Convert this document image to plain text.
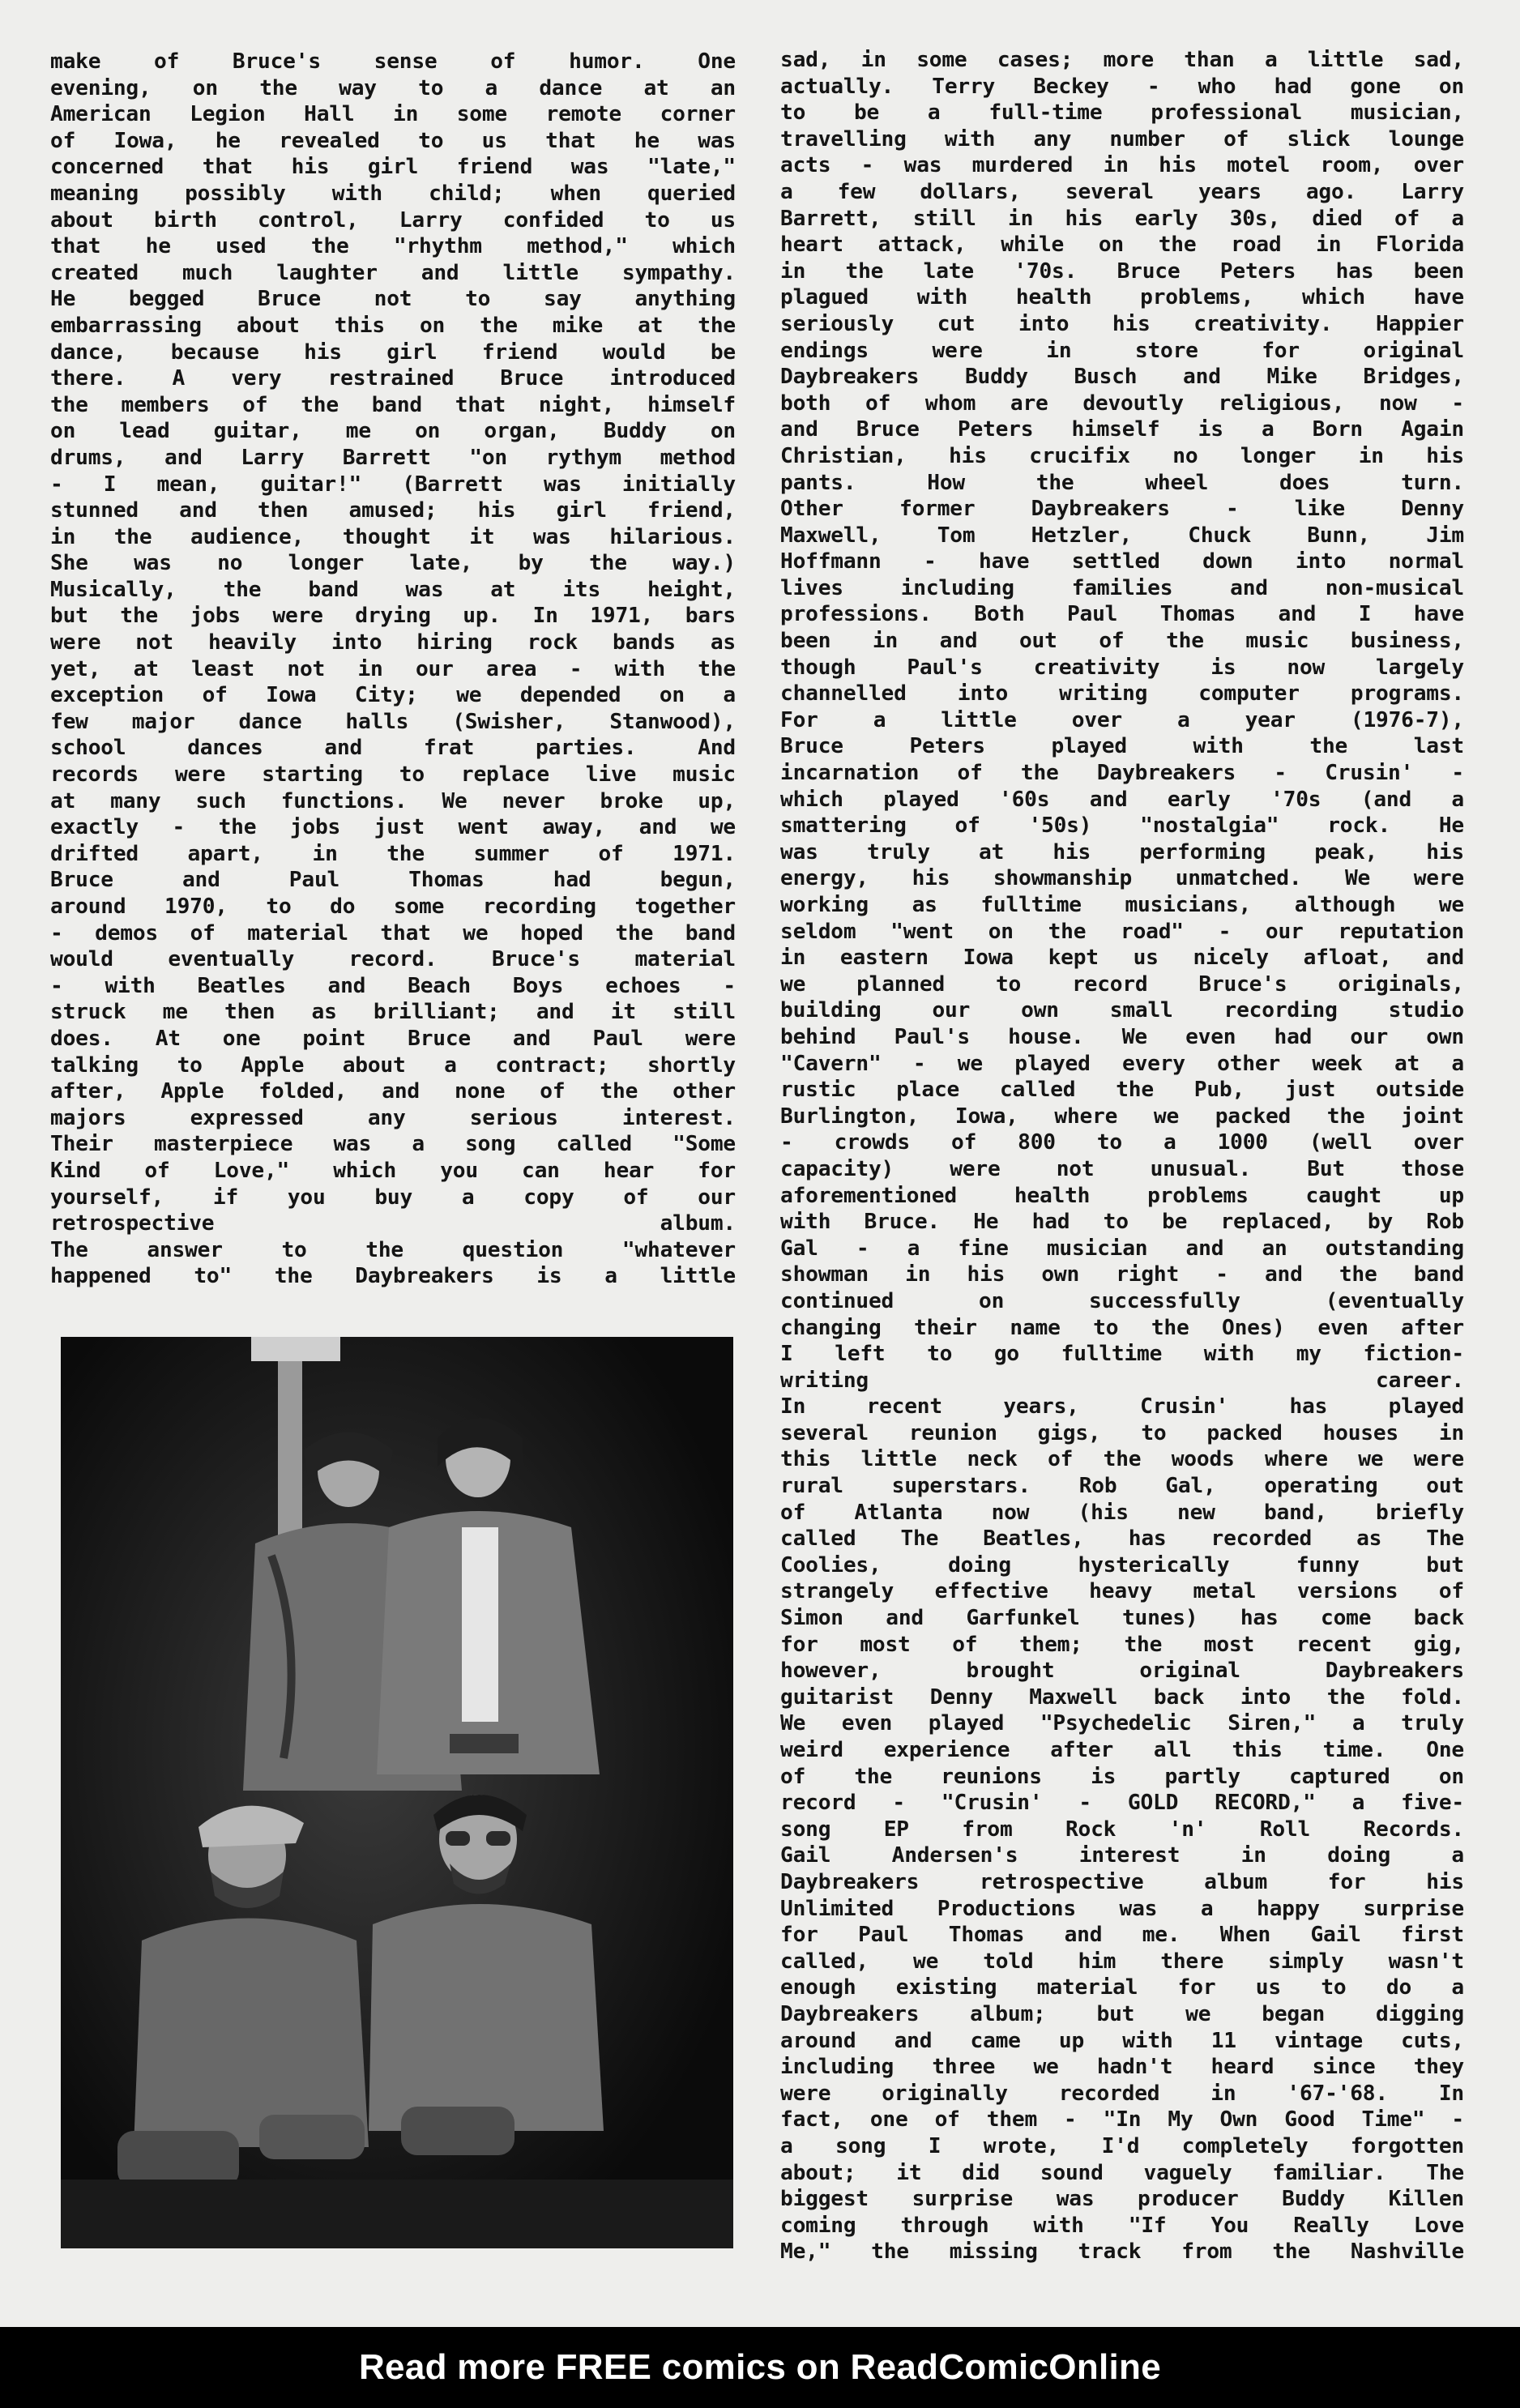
make of Bruce's sense of humor. One
evening, on the way to a dance at an
American Legion Hall in some remote corner
of Iowa, he revealed to us that he was
concerned that his girl friend was "late,"
meaning possibly with child; when queried
about birth control, Larry confided to us
that he used the "rhythm method," which
created much laughter and little sympathy.
He begged Bruce not to say anything
embarrassing about this on the mike at the
dance, because his girl friend would be
there. A very restrained Bruce introduced
the members of the band that night, himself
on lead guitar, me on organ, Buddy on
drums, and Larry Barrett "on rythym method
- I mean, guitar!" (Barrett was initially
stunned and then amused; his girl friend,
in the audience, thought it was hilarious.
She was no longer late, by the way.)
Musically, the band was at its height,
but the jobs were drying up. In 1971, bars
were not heavily into hiring rock bands as
yet, at least not in our area - with the
exception of Iowa City; we depended on a
few major dance halls (Swisher, Stanwood),
school dances and frat parties. And
records were starting to replace live music
at many such functions. We never broke up,
exactly - the jobs just went away, and we
drifted apart, in the summer of 1971.
Bruce and Paul Thomas had begun,
around 1970, to do some recording together
- demos of material that we hoped the band
would eventually record. Bruce's material
- with Beatles and Beach Boys echoes -
struck me then as brilliant; and it still
does. At one point Bruce and Paul were
talking to Apple about a contract; shortly
after, Apple folded, and none of the other
majors expressed any serious interest.
Their masterpiece was a song called "Some
Kind of Love," which you can hear for
yourself, if you buy a copy of our
retrospective album.
The answer to the question "whatever
happened to" the Daybreakers is a little

sad, in some cases; more than a little sad,
actually. Terry Beckey - who had gone on
to be a full-time professional musician,
travelling with any number of slick lounge
acts - was murdered in his motel room, over
a few dollars, several years ago. Larry
Barrett, still in his early 30s, died of a
heart attack, while on the road in Florida
in the late '70s. Bruce Peters has been
plagued with health problems, which have
seriously cut into his creativity. Happier
endings were in store for original
Daybreakers Buddy Busch and Mike Bridges,
both of whom are devoutly religious, now -
and Bruce Peters himself is a Born Again
Christian, his crucifix no longer in his
pants. How the wheel does turn.
Other former Daybreakers - like Denny
Maxwell, Tom Hetzler, Chuck Bunn, Jim
Hoffmann - have settled down into normal
lives including families and non-musical
professions. Both Paul Thomas and I have
been in and out of the music business,
though Paul's creativity is now largely
channelled into writing computer programs.
For a little over a year (1976-7),
Bruce Peters played with the last
incarnation of the Daybreakers - Crusin' -
which played '60s and early '70s (and a
smattering of '50s) "nostalgia" rock. He
was truly at his performing peak, his
energy, his showmanship unmatched. We were
working as fulltime musicians, although we
seldom "went on the road" - our reputation
in eastern Iowa kept us nicely afloat, and
we planned to record Bruce's originals,
building our own small recording studio
behind Paul's house. We even had our own
"Cavern" - we played every other week at a
rustic place called the Pub, just outside
Burlington, Iowa, where we packed the joint
- crowds of 800 to a 1000 (well over
capacity) were not unusual. But those
aforementioned health problems caught up
with Bruce. He had to be replaced, by Rob
Gal - a fine musician and an outstanding
showman in his own right - and the band
continued on successfully (eventually
changing their name to the Ones) even after
I left to go fulltime with my fiction-
writing career.
In recent years, Crusin' has played
several reunion gigs, to packed houses in
this little neck of the woods where we were
rural superstars. Rob Gal, operating out
of Atlanta now (his new band, briefly
called The Beatles, has recorded as The
Coolies, doing hysterically funny but
strangely effective heavy metal versions of
Simon and Garfunkel tunes) has come back
for most of them; the most recent gig,
however, brought original Daybreakers
guitarist Denny Maxwell back into the fold.
We even played "Psychedelic Siren," a truly
weird experience after all this time. One
of the reunions is partly captured on
record - "Crusin' - GOLD RECORD," a five-
song EP from Rock 'n' Roll Records.
Gail Andersen's interest in doing a
Daybreakers retrospective album for his
Unlimited Productions was a happy surprise
for Paul Thomas and me. When Gail first
called, we told him there simply wasn't
enough existing material for us to do a
Daybreakers album; but we began digging
around and came up with 11 vintage cuts,
including three we hadn't heard since they
were originally recorded in '67-'68. In
fact, one of them - "In My Own Good Time" -
a song I wrote, I'd completely forgotten
about; it did sound vaguely familiar. The
biggest surprise was producer Buddy Killen
coming through with "If You Really Love
Me," the missing track from the Nashville

Read more FREE comics on ReadComicOnline
